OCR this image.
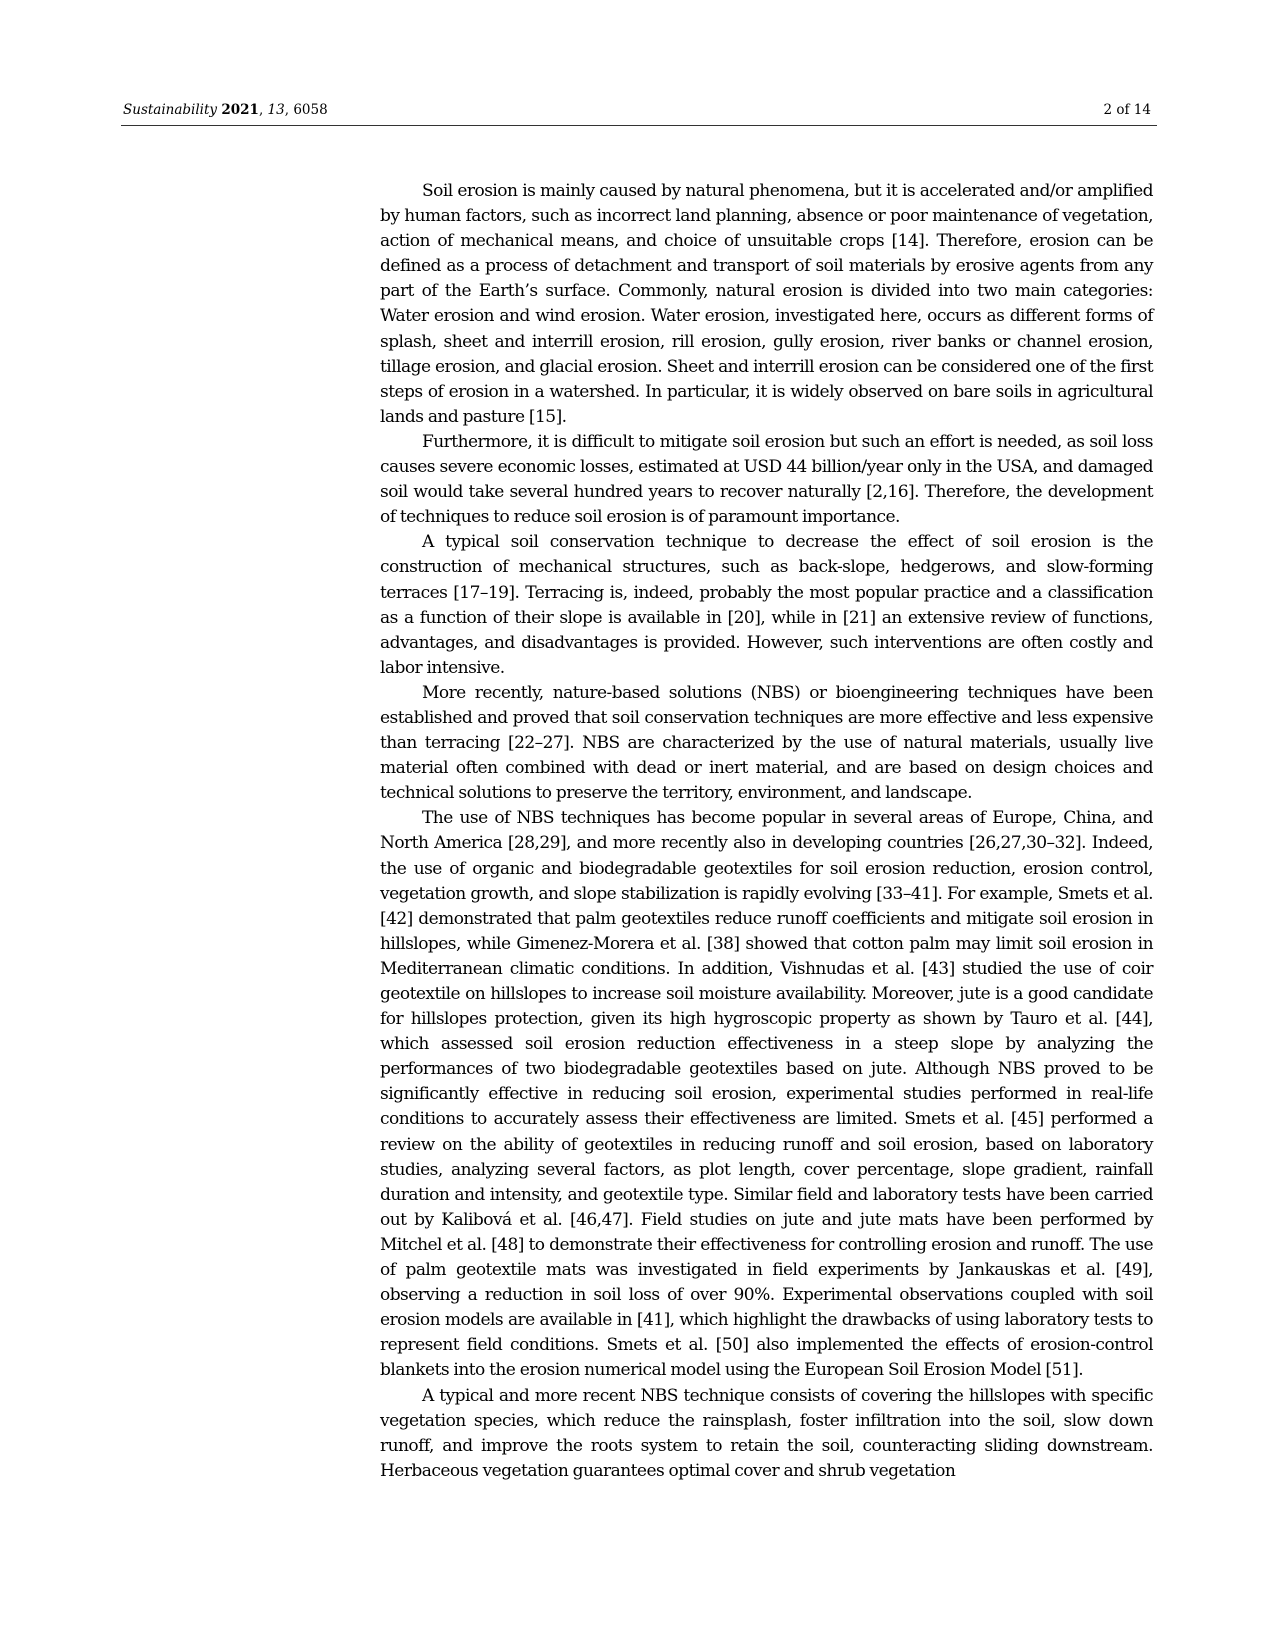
Sustainability 2021, 13, 6058	2 of 14

Soil erosion is mainly caused by natural phenomena, but it is accelerated and/or amplified by human factors, such as incorrect land planning, absence or poor maintenance of vegetation, action of mechanical means, and choice of unsuitable crops [14]. Therefore, erosion can be defined as a process of detachment and transport of soil materials by erosive agents from any part of the Earth’s surface. Commonly, natural erosion is divided into two main categories: Water erosion and wind erosion. Water erosion, investigated here, occurs as different forms of splash, sheet and interrill erosion, rill erosion, gully erosion, river banks or channel erosion, tillage erosion, and glacial erosion. Sheet and interrill erosion can be considered one of the first steps of erosion in a watershed. In particular, it is widely observed on bare soils in agricultural lands and pasture [15].

Furthermore, it is difficult to mitigate soil erosion but such an effort is needed, as soil loss causes severe economic losses, estimated at USD 44 billion/year only in the USA, and damaged soil would take several hundred years to recover naturally [2,16]. Therefore, the development of techniques to reduce soil erosion is of paramount importance.

A typical soil conservation technique to decrease the effect of soil erosion is the construction of mechanical structures, such as back-slope, hedgerows, and slow-forming terraces [17–19]. Terracing is, indeed, probably the most popular practice and a classification as a function of their slope is available in [20], while in [21] an extensive review of functions, advantages, and disadvantages is provided. However, such interventions are often costly and labor intensive.

More recently, nature-based solutions (NBS) or bioengineering techniques have been established and proved that soil conservation techniques are more effective and less expensive than terracing [22–27]. NBS are characterized by the use of natural materials, usually live material often combined with dead or inert material, and are based on design choices and technical solutions to preserve the territory, environment, and landscape.

The use of NBS techniques has become popular in several areas of Europe, China, and North America [28,29], and more recently also in developing countries [26,27,30–32]. Indeed, the use of organic and biodegradable geotextiles for soil erosion reduction, erosion control, vegetation growth, and slope stabilization is rapidly evolving [33–41]. For example, Smets et al. [42] demonstrated that palm geotextiles reduce runoff coefficients and mitigate soil erosion in hillslopes, while Gimenez-Morera et al. [38] showed that cotton palm may limit soil erosion in Mediterranean climatic conditions. In addition, Vishnudas et al. [43] studied the use of coir geotextile on hillslopes to increase soil moisture availability. Moreover, jute is a good candidate for hillslopes protection, given its high hygroscopic property as shown by Tauro et al. [44], which assessed soil erosion reduction effectiveness in a steep slope by analyzing the performances of two biodegradable geotextiles based on jute. Although NBS proved to be significantly effective in reducing soil erosion, experimental studies performed in real-life conditions to accurately assess their effectiveness are limited. Smets et al. [45] performed a review on the ability of geotextiles in reducing runoff and soil erosion, based on laboratory studies, analyzing several factors, as plot length, cover percentage, slope gradient, rainfall duration and intensity, and geotextile type. Similar field and laboratory tests have been carried out by Kalibová et al. [46,47]. Field studies on jute and jute mats have been performed by Mitchel et al. [48] to demonstrate their effectiveness for controlling erosion and runoff. The use of palm geotextile mats was investigated in field experiments by Jankauskas et al. [49], observing a reduction in soil loss of over 90%. Experimental observations coupled with soil erosion models are available in [41], which highlight the drawbacks of using laboratory tests to represent field conditions. Smets et al. [50] also implemented the effects of erosion-control blankets into the erosion numerical model using the European Soil Erosion Model [51].

A typical and more recent NBS technique consists of covering the hillslopes with specific vegetation species, which reduce the rainsplash, foster infiltration into the soil, slow down runoff, and improve the roots system to retain the soil, counteracting sliding downstream. Herbaceous vegetation guarantees optimal cover and shrub vegetation
